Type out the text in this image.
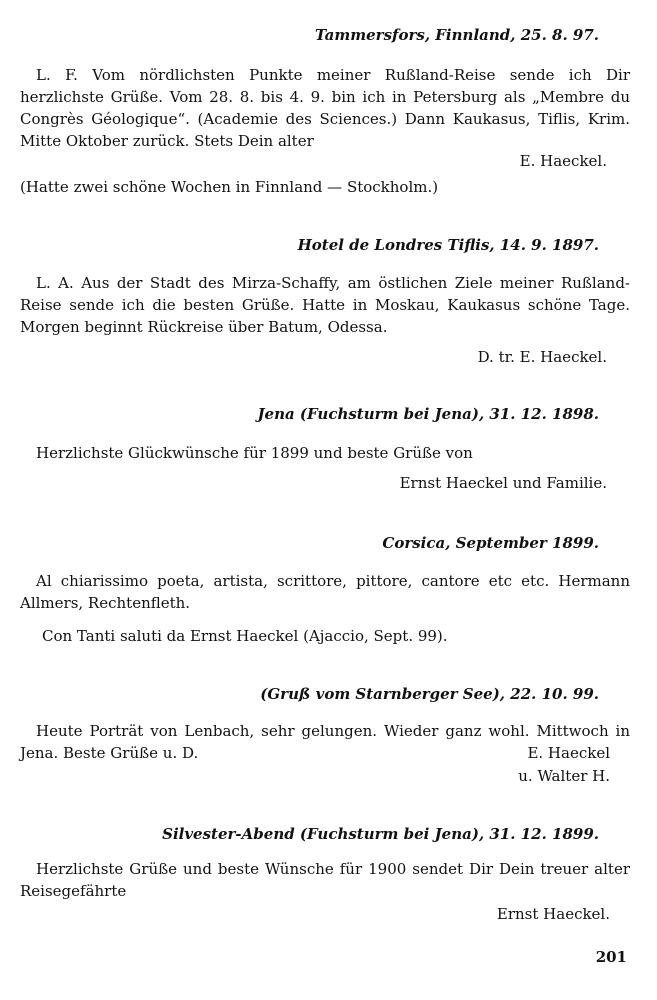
Tammersfors, Finnland, 25. 8. 97.
L. F. Vom nördlichsten Punkte meiner Rußland-Reise sende ich Dir herzlichste Grüße. Vom 28. 8. bis 4. 9. bin ich in Petersburg als „Membre du Congrès Géologique“. (Academie des Sciences.) Dann Kaukasus, Tiflis, Krim. Mitte Oktober zurück. Stets Dein alter
E. Haeckel.
(Hatte zwei schöne Wochen in Finnland — Stockholm.)
Hotel de Londres Tiflis, 14. 9. 1897.
L. A. Aus der Stadt des Mirza-Schaffy, am östlichen Ziele meiner Rußland-Reise sende ich die besten Grüße. Hatte in Moskau, Kaukasus schöne Tage. Morgen beginnt Rückreise über Batum, Odessa.
D. tr. E. Haeckel.
Jena (Fuchsturm bei Jena), 31. 12. 1898.
Herzlichste Glückwünsche für 1899 und beste Grüße von
Ernst Haeckel und Familie.
Corsica, September 1899.
Al chiarissimo poeta, artista, scrittore, pittore, cantore etc etc. Hermann Allmers, Rechtenfleth.
Con Tanti saluti da Ernst Haeckel (Ajaccio, Sept. 99).
(Gruß vom Starnberger See), 22. 10. 99.
Heute Porträt von Lenbach, sehr gelungen. Wieder ganz wohl. Mittwoch in Jena. Beste Grüße u. D.	E. Haeckel
u. Walter H.
Silvester-Abend (Fuchsturm bei Jena), 31. 12. 1899.
Herzlichste Grüße und beste Wünsche für 1900 sendet Dir Dein treuer alter Reisegefährte
Ernst Haeckel.
201
